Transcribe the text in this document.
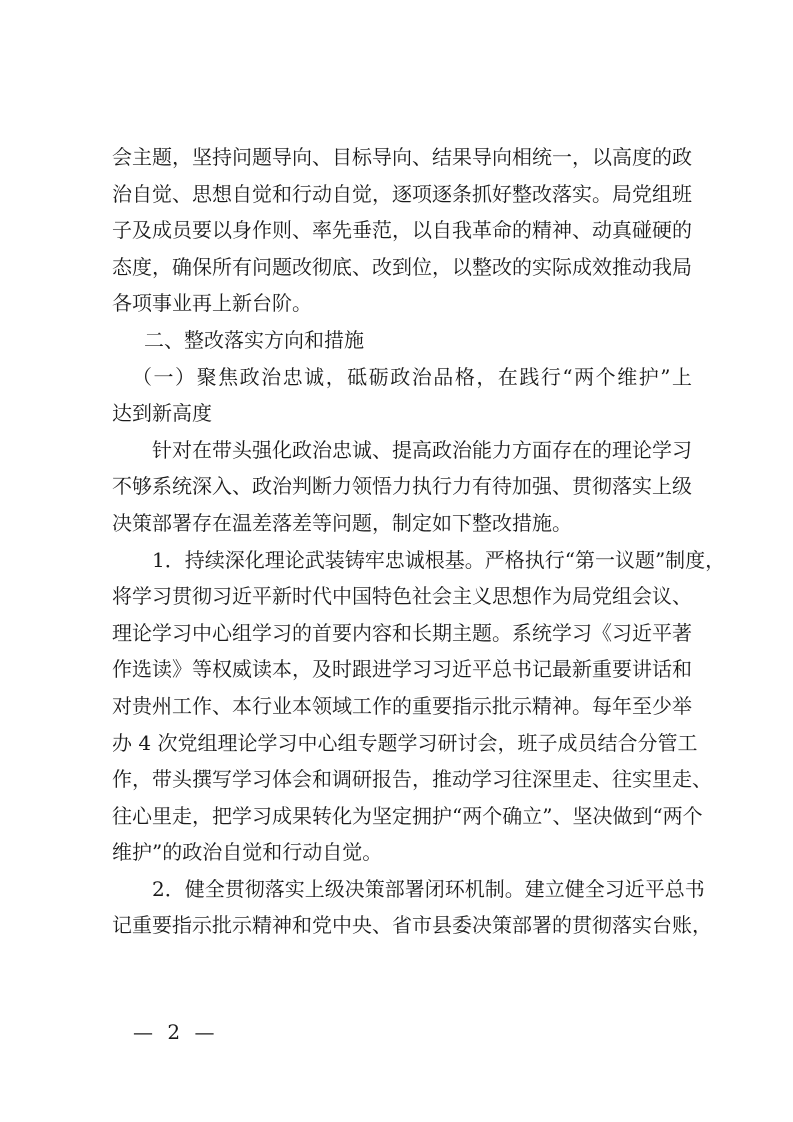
会主题，坚持问题导向、目标导向、结果导向相统一，以高度的政
治自觉、思想自觉和行动自觉，逐项逐条抓好整改落实。局党组班
子及成员要以身作则、率先垂范，以自我革命的精神、动真碰硬的
态度，确保所有问题改彻底、改到位，以整改的实际成效推动我局
各项事业再上新台阶。
二、整改落实方向和措施
（一）聚焦政治忠诚，砥砺政治品格，在践行“两个维护”上
达到新高度
针对在带头强化政治忠诚、提高政治能力方面存在的理论学习
不够系统深入、政治判断力领悟力执行力有待加强、贯彻落实上级
决策部署存在温差落差等问题，制定如下整改措施。
1．持续深化理论武装铸牢忠诚根基。严格执行“第一议题”制度，
将学习贯彻习近平新时代中国特色社会主义思想作为局党组会议、
理论学习中心组学习的首要内容和长期主题。系统学习《习近平著
作选读》等权威读本，及时跟进学习习近平总书记最新重要讲话和
对贵州工作、本行业本领域工作的重要指示批示精神。每年至少举
办 4 次党组理论学习中心组专题学习研讨会，班子成员结合分管工
作，带头撰写学习体会和调研报告，推动学习往深里走、往实里走、
往心里走，把学习成果转化为坚定拥护“两个确立”、坚决做到“两个
维护”的政治自觉和行动自觉。
2．健全贯彻落实上级决策部署闭环机制。建立健全习近平总书
记重要指示批示精神和党中央、省市县委决策部署的贯彻落实台账，
— 2 —
